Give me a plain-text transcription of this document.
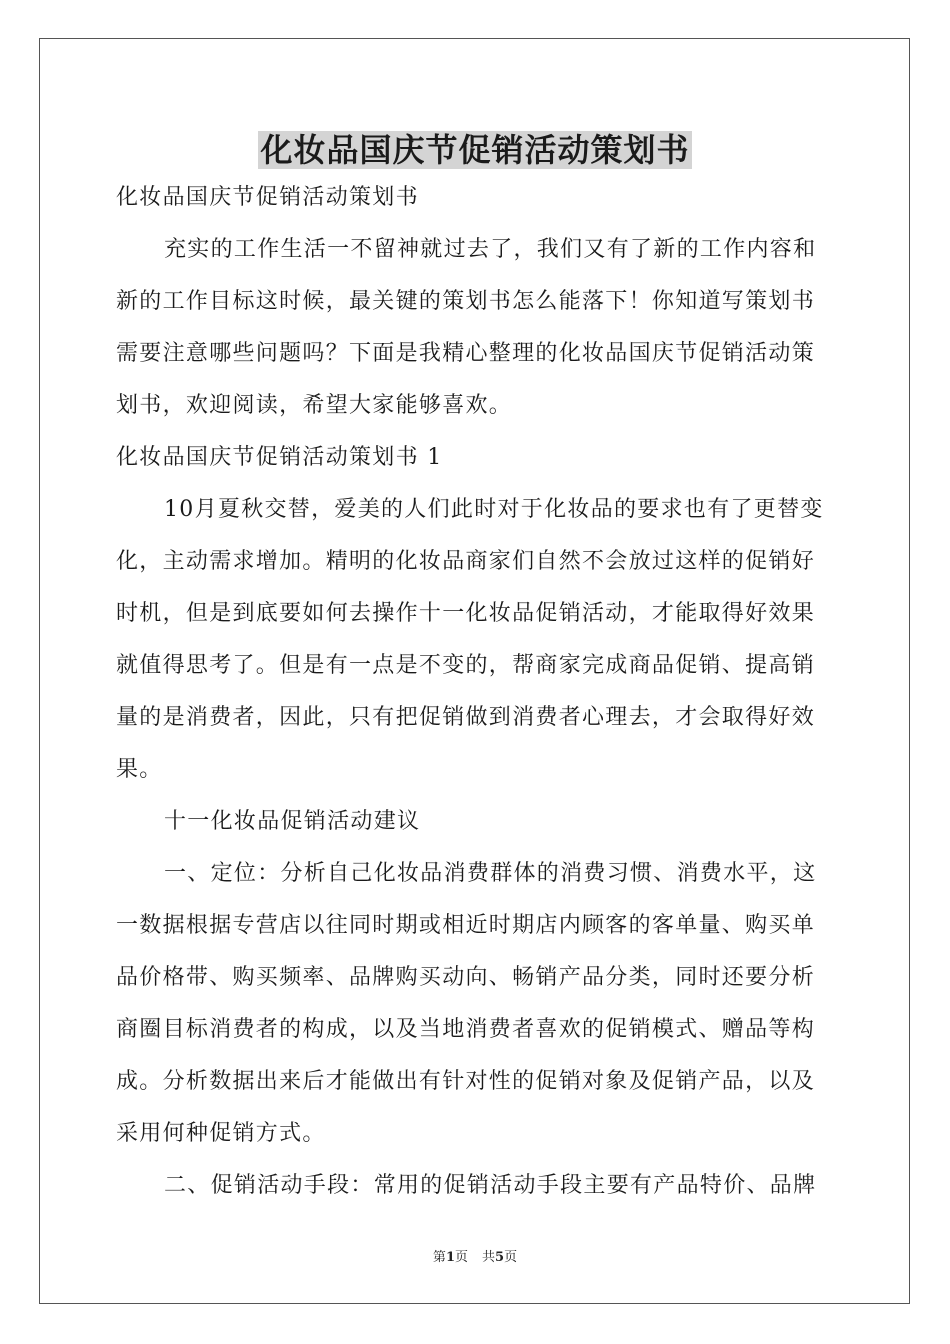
化妆品国庆节促销活动策划书

化妆品国庆节促销活动策划书

充实的工作生活一不留神就过去了，我们又有了新的工作内容和新的工作目标这时候，最关键的策划书怎么能落下！你知道写策划书需要注意哪些问题吗？下面是我精心整理的化妆品国庆节促销活动策划书，欢迎阅读，希望大家能够喜欢。

化妆品国庆节促销活动策划书 1

10月夏秋交替，爱美的人们此时对于化妆品的要求也有了更替变化，主动需求增加。精明的化妆品商家们自然不会放过这样的促销好时机，但是到底要如何去操作十一化妆品促销活动，才能取得好效果就值得思考了。但是有一点是不变的，帮商家完成商品促销、提高销量的是消费者，因此，只有把促销做到消费者心理去，才会取得好效果。

十一化妆品促销活动建议

一、定位：分析自己化妆品消费群体的消费习惯、消费水平，这一数据根据专营店以往同时期或相近时期店内顾客的客单量、购买单品价格带、购买频率、品牌购买动向、畅销产品分类，同时还要分析商圈目标消费者的构成，以及当地消费者喜欢的促销模式、赠品等构成。分析数据出来后才能做出有针对性的促销对象及促销产品，以及采用何种促销方式。

二、促销活动手段：常用的促销活动手段主要有产品特价、品牌

第1页 共5页
